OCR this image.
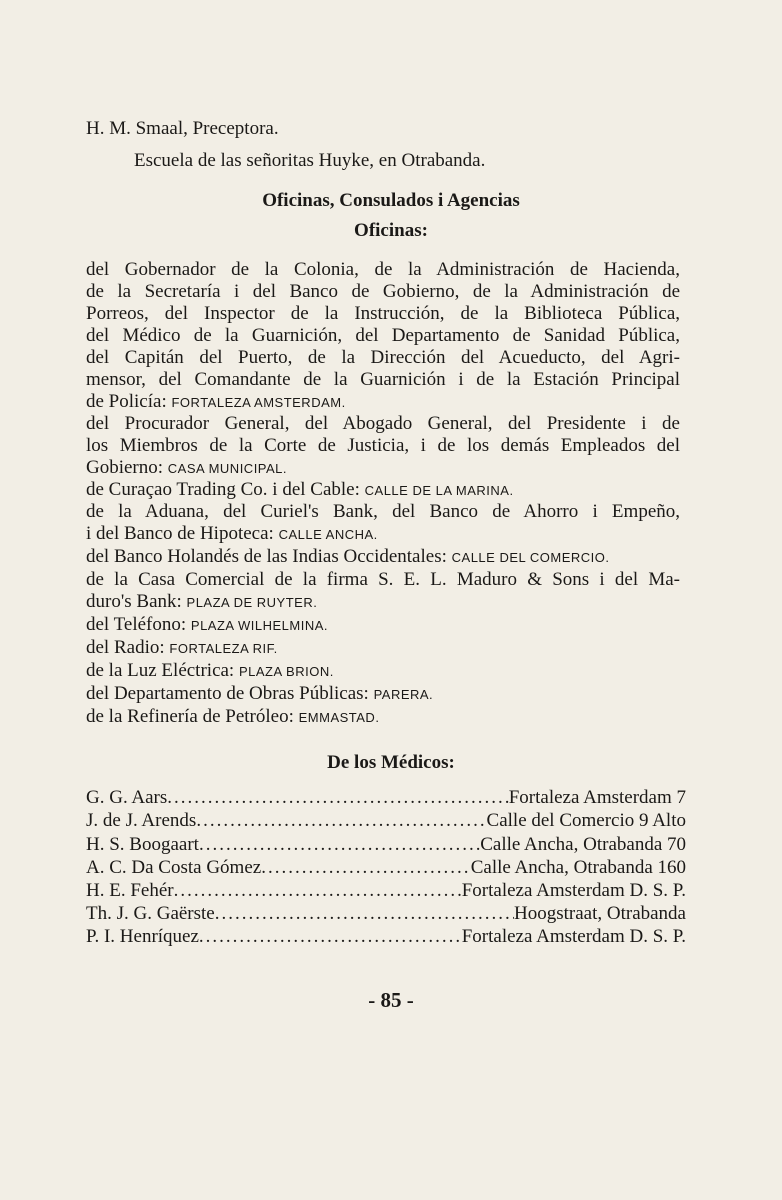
H. M. Smaal, Preceptora.
Escuela de las señoritas Huyke, en Otrabanda.
Oficinas, Consulados i Agencias
Oficinas:
del Gobernador de la Colonia, de la Administración de Hacienda,
de la Secretaría i del Banco de Gobierno, de la Administración de
Porreos, del Inspector de la Instrucción, de la Biblioteca Pública,
del Médico de la Guarnición, del Departamento de Sanidad Pública,
del Capitán del Puerto, de la Dirección del Acueducto, del Agri-
mensor, del Comandante de la Guarnición i de la Estación Principal
de Policía: FORTALEZA AMSTERDAM.
del Procurador General, del Abogado General, del Presidente i de
los Miembros de la Corte de Justicia, i de los demás Empleados del
Gobierno: CASA MUNICIPAL.
de Curaçao Trading Co. i del Cable: CALLE DE LA MARINA.
de la Aduana, del Curiel's Bank, del Banco de Ahorro i Empeño,
i del Banco de Hipoteca: CALLE ANCHA.
del Banco Holandés de las Indias Occidentales: CALLE DEL COMERCIO.
de la Casa Comercial de la firma S. E. L. Maduro & Sons i del Ma-
duro's Bank: PLAZA DE RUYTER.
del Teléfono: PLAZA WILHELMINA.
del Radio: FORTALEZA RIF.
de la Luz Eléctrica: PLAZA BRION.
del Departamento de Obras Públicas: PARERA.
de la Refinería de Petróleo: EMMASTAD.
De los Médicos:
G. G. Aars .....	Fortaleza Amsterdam 7
J. de J. Arends .....	Calle del Comercio 9 Alto
H. S. Boogaart .....	Calle Ancha, Otrabanda 70
A. C. Da Costa Gómez .....	Calle Ancha, Otrabanda 160
H. E. Fehér .....	Fortaleza Amsterdam D. S. P.
Th. J. G. Gaërste .....	Hoogstraat, Otrabanda
P. I. Henríquez .....	Fortaleza Amsterdam D. S. P.
- 85 -
